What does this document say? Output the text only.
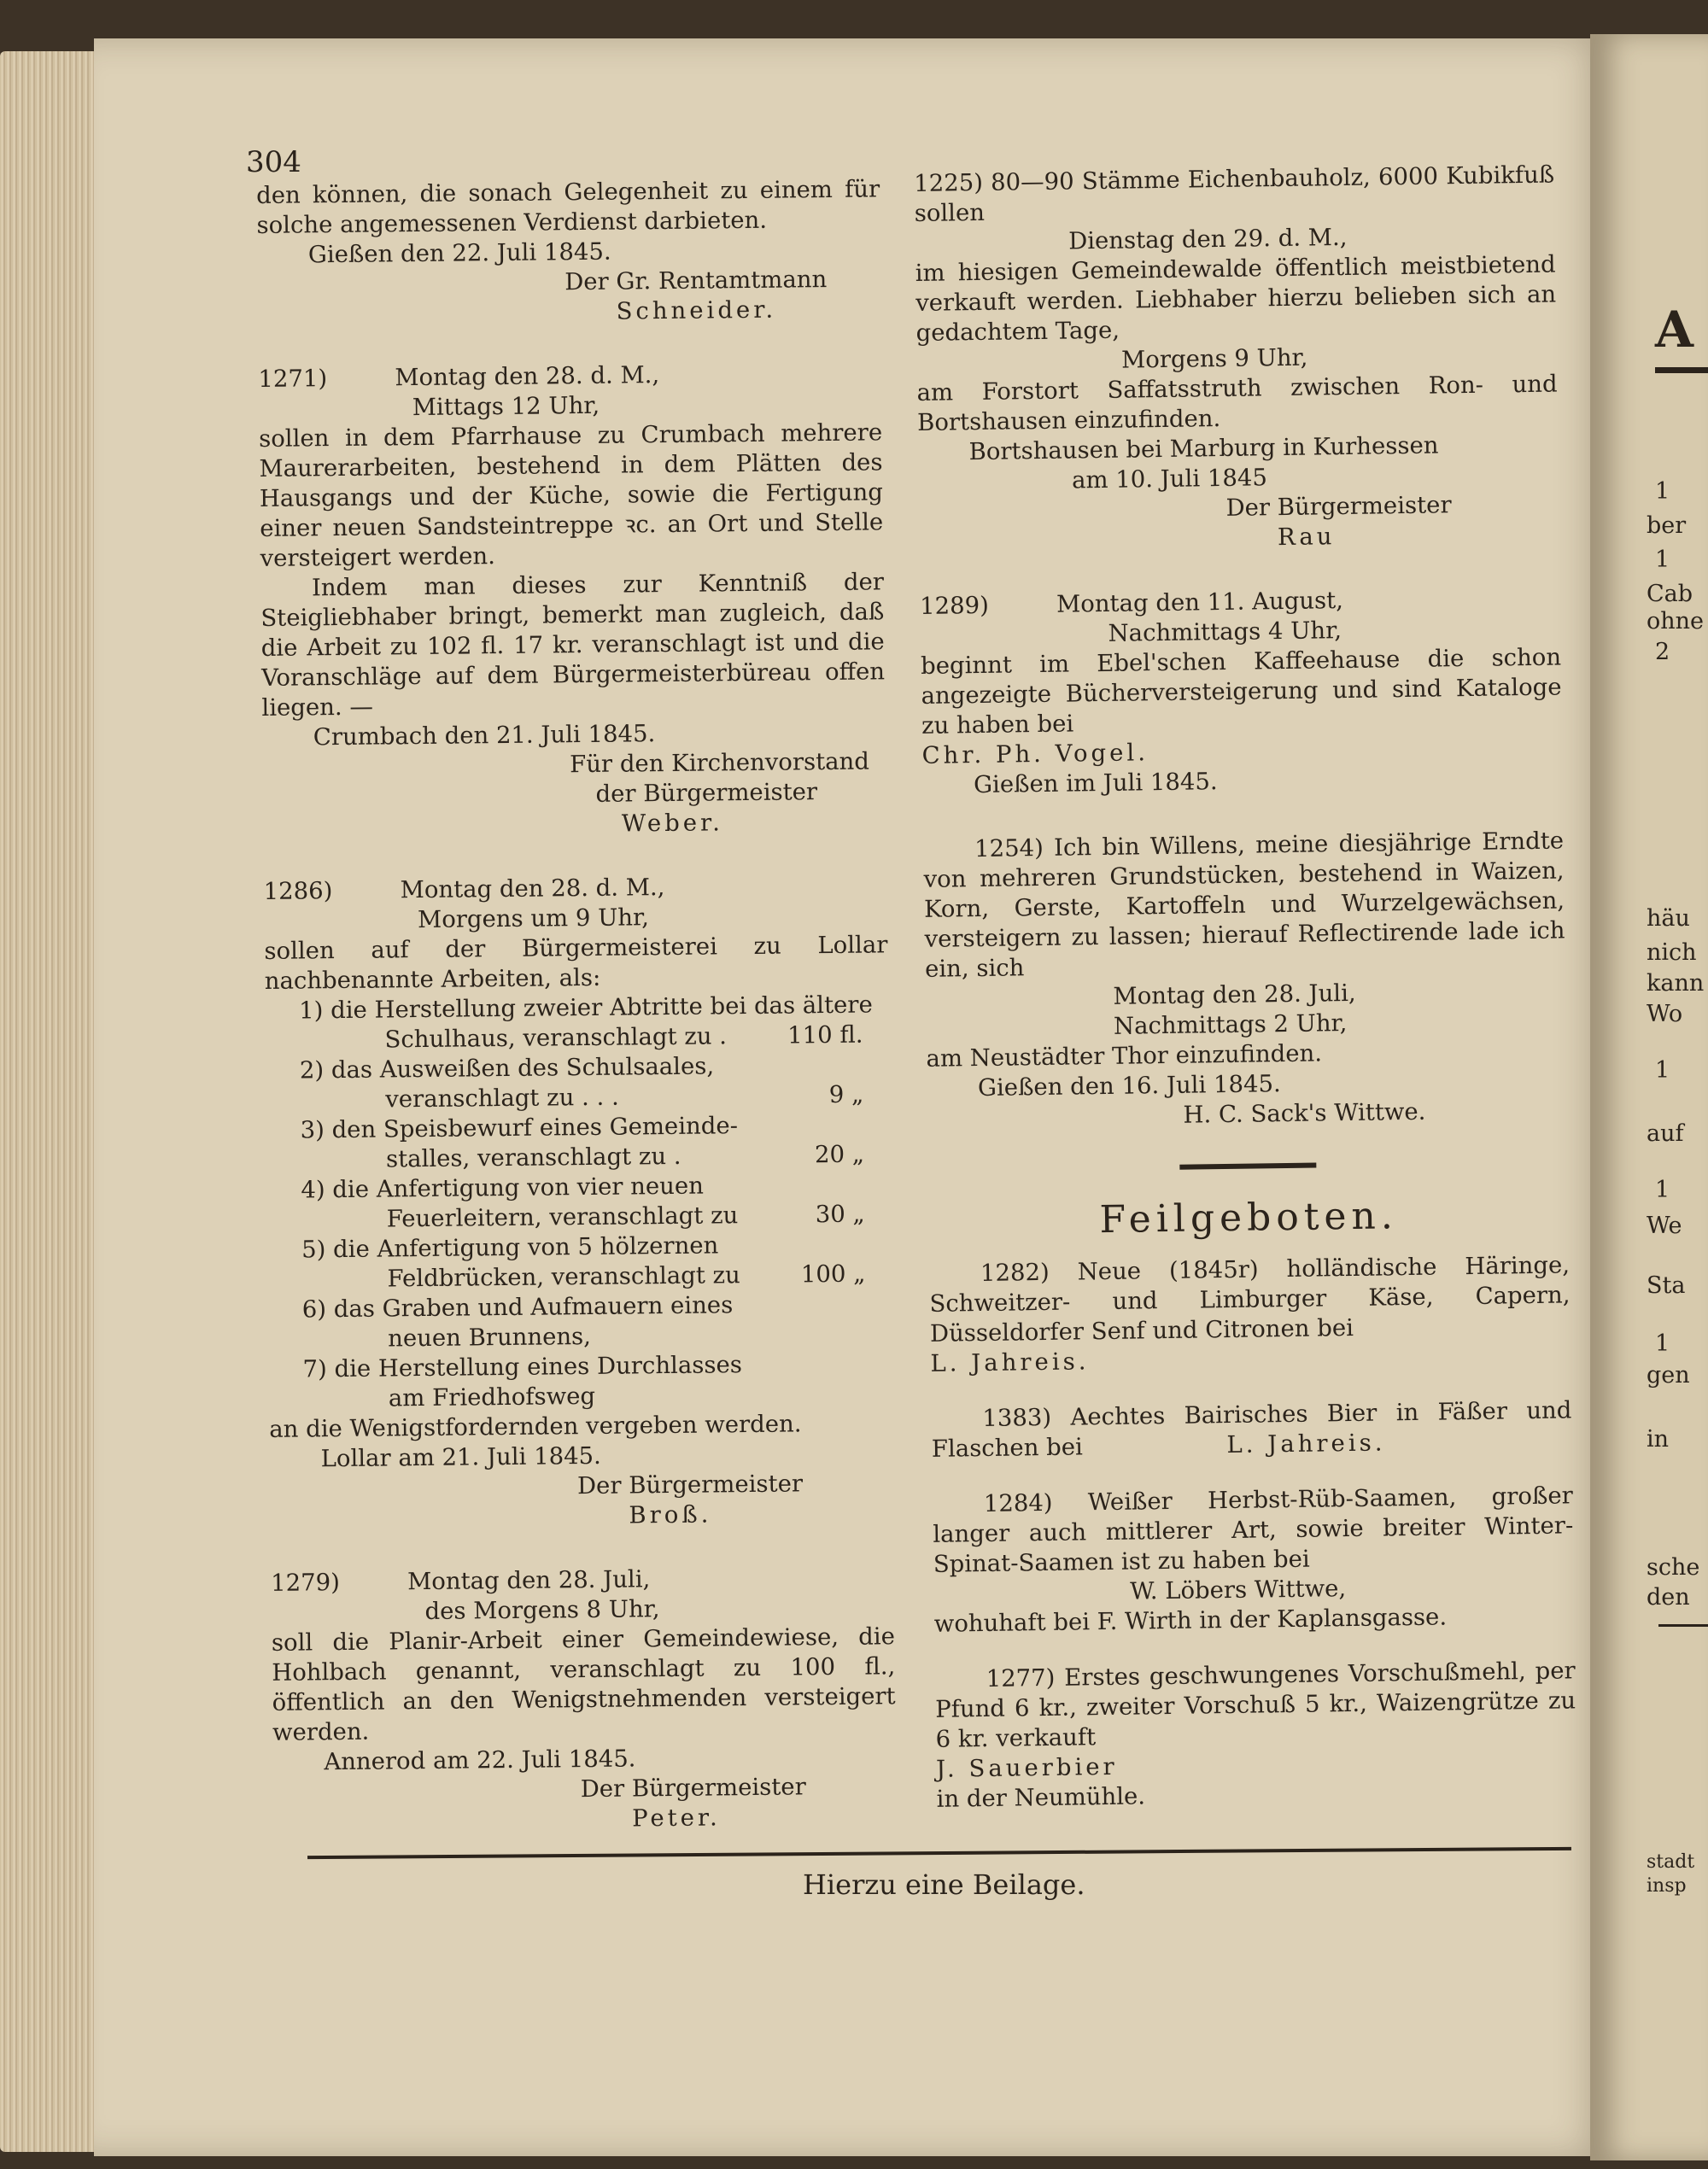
A
1
ber
1
Cab
ohne
2
häu
nich
kann
Wo
1
auf
1
We
Sta
1
gen
in
sche
den
stadt
insp
304

den können, die sonach Gelegenheit zu einem für solche angemessenen Verdienst darbieten.

Gießen den 22. Juli 1845.

Der Gr. Rentamtmann

Schneider.

1271)	Montag den 28. d. M.,

Mittags 12 Uhr,

sollen in dem Pfarrhause zu Crumbach mehrere Maurerarbeiten, bestehend in dem Plätten des Hausgangs und der Küche, sowie die Fertigung einer neuen Sandsteintreppe ꝛc. an Ort und Stelle versteigert werden.

Indem man dieses zur Kenntniß der Steigliebhaber bringt, bemerkt man zugleich, daß die Arbeit zu 102 fl. 17 kr. veranschlagt ist und die Voranschläge auf dem Bürgermeisterbüreau offen liegen. —

Crumbach den 21. Juli 1845.

Für den Kirchenvorstand

der Bürgermeister

Weber.

1286)	Montag den 28. d. M.,

Morgens um 9 Uhr,

sollen auf der Bürgermeisterei zu Lollar nachbenannte Arbeiten, als:

1) die Herstellung zweier Abtritte bei das ältere
Schulhaus, veranschlagt zu .	110 fl.
2) das Ausweißen des Schulsaales,
veranschlagt zu . . .	9 „
3) den Speisbewurf eines Gemeinde-
stalles, veranschlagt zu .	20 „
4) die Anfertigung von vier neuen
Feuerleitern, veranschlagt zu	30 „
5) die Anfertigung von 5 hölzernen
Feldbrücken, veranschlagt zu	100 „
6) das Graben und Aufmauern eines
neuen Brunnens,
7) die Herstellung eines Durchlasses
am Friedhofsweg

an die Wenigstfordernden vergeben werden.

Lollar am 21. Juli 1845.

Der Bürgermeister

Broß.

1279)	Montag den 28. Juli,

des Morgens 8 Uhr,

soll die Planir-Arbeit einer Gemeindewiese, die Hohlbach genannt, veranschlagt zu 100 fl., öffentlich an den Wenigstnehmenden versteigert werden.

Annerod am 22. Juli 1845.

Der Bürgermeister

Peter.

1225) 80—90 Stämme Eichenbauholz, 6000 Kubikfuß sollen

Dienstag den 29. d. M.,

im hiesigen Gemeindewalde öffentlich meistbietend verkauft werden. Liebhaber hierzu belieben sich an gedachtem Tage,

Morgens 9 Uhr,

am Forstort Saffatsstruth zwischen Ron- und Bortshausen einzufinden.

Bortshausen bei Marburg in Kurhessen

am 10. Juli 1845

Der Bürgermeister

Rau

1289)	Montag den 11. August,

Nachmittags 4 Uhr,

beginnt im Ebel'schen Kaffeehause die schon angezeigte Bücherversteigerung und sind Kataloge zu haben bei

Chr. Ph. Vogel.

Gießen im Juli 1845.

1254) Ich bin Willens, meine diesjährige Erndte von mehreren Grundstücken, bestehend in Waizen, Korn, Gerste, Kartoffeln und Wurzelgewächsen, versteigern zu lassen; hierauf Reflectirende lade ich ein, sich

Montag den 28. Juli,

Nachmittags 2 Uhr,

am Neustädter Thor einzufinden.

Gießen den 16. Juli 1845.

H. C. Sack's Wittwe.

Feilgeboten.

1282) Neue (1845r) holländische Häringe, Schweitzer- und Limburger Käse, Capern, Düsseldorfer Senf und Citronen bei

L. Jahreis.

1383) Aechtes Bairisches Bier in Fäßer und Flaschen bei	L. Jahreis.

1284) Weißer Herbst-Rüb-Saamen, großer langer auch mittlerer Art, sowie breiter Winter-Spinat-Saamen ist zu haben bei

W. Löbers Wittwe,

wohuhaft bei F. Wirth in der Kaplansgasse.

1277) Erstes geschwungenes Vorschußmehl, per Pfund 6 kr., zweiter Vorschuß 5 kr., Waizengrütze zu 6 kr. verkauft

J. Sauerbier

in der Neumühle.

Hierzu eine Beilage.
